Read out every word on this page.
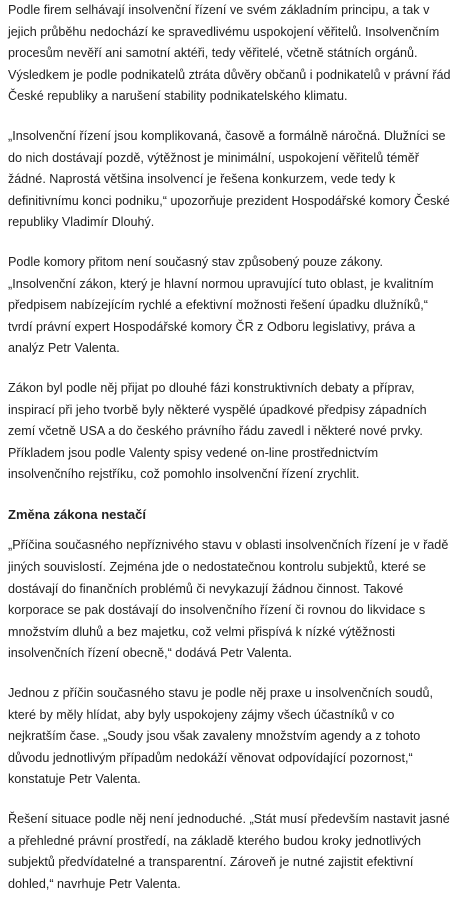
Podle firem selhávají insolvenční řízení ve svém základním principu, a tak v jejich průběhu nedochází ke spravedlivému uspokojení věřitelů. Insolvenčním procesům nevěří ani samotní aktéři, tedy věřitelé, včetně státních orgánů. Výsledkem je podle podnikatelů ztráta důvěry občanů i podnikatelů v právní řád České republiky a narušení stability podnikatelského klimatu.

„Insolvenční řízení jsou komplikovaná, časově a formálně náročná. Dlužníci se do nich dostávají pozdě, výtěžnost je minimální, uspokojení věřitelů téměř žádné. Naprostá většina insolvencí je řešena konkurzem, vede tedy k definitivnímu konci podniku,“ upozorňuje prezident Hospodářské komory České republiky Vladimír Dlouhý.

Podle komory přitom není současný stav způsobený pouze zákony. „Insolvenční zákon, který je hlavní normou upravující tuto oblast, je kvalitním předpisem nabízejícím rychlé a efektivní možnosti řešení úpadku dlužníků,“ tvrdí právní expert Hospodářské komory ČR z Odboru legislativy, práva a analýz Petr Valenta.

Zákon byl podle něj přijat po dlouhé fázi konstruktivních debaty a příprav, inspirací při jeho tvorbě byly některé vyspělé úpadkové předpisy západních zemí včetně USA a do českého právního řádu zavedl i některé nové prvky. Příkladem jsou podle Valenty spisy vedené on-line prostřednictvím insolvenčního rejstříku, což pomohlo insolvenční řízení zrychlit.

Změna zákona nestačí

„Příčina současného nepříznivého stavu v oblasti insolvenčních řízení je v řadě jiných souvislostí. Zejména jde o nedostatečnou kontrolu subjektů, které se dostávají do finančních problémů či nevykazují žádnou činnost. Takové korporace se pak dostávají do insolvenčního řízení či rovnou do likvidace s množstvím dluhů a bez majetku, což velmi přispívá k nízké výtěžnosti insolvenčních řízení obecně,“ dodává Petr Valenta.

Jednou z příčin současného stavu je podle něj praxe u insolvenčních soudů, které by měly hlídat, aby byly uspokojeny zájmy všech účastníků v co nejkratším čase. „Soudy jsou však zavaleny množstvím agendy a z tohoto důvodu jednotlivým případům nedokáží věnovat odpovídající pozornost,“ konstatuje Petr Valenta.

Řešení situace podle něj není jednoduché. „Stát musí především nastavit jasné a přehledné právní prostředí, na základě kterého budou kroky jednotlivých subjektů předvídatelné a transparentní. Zároveň je nutné zajistit efektivní dohled,“ navrhuje Petr Valenta.
